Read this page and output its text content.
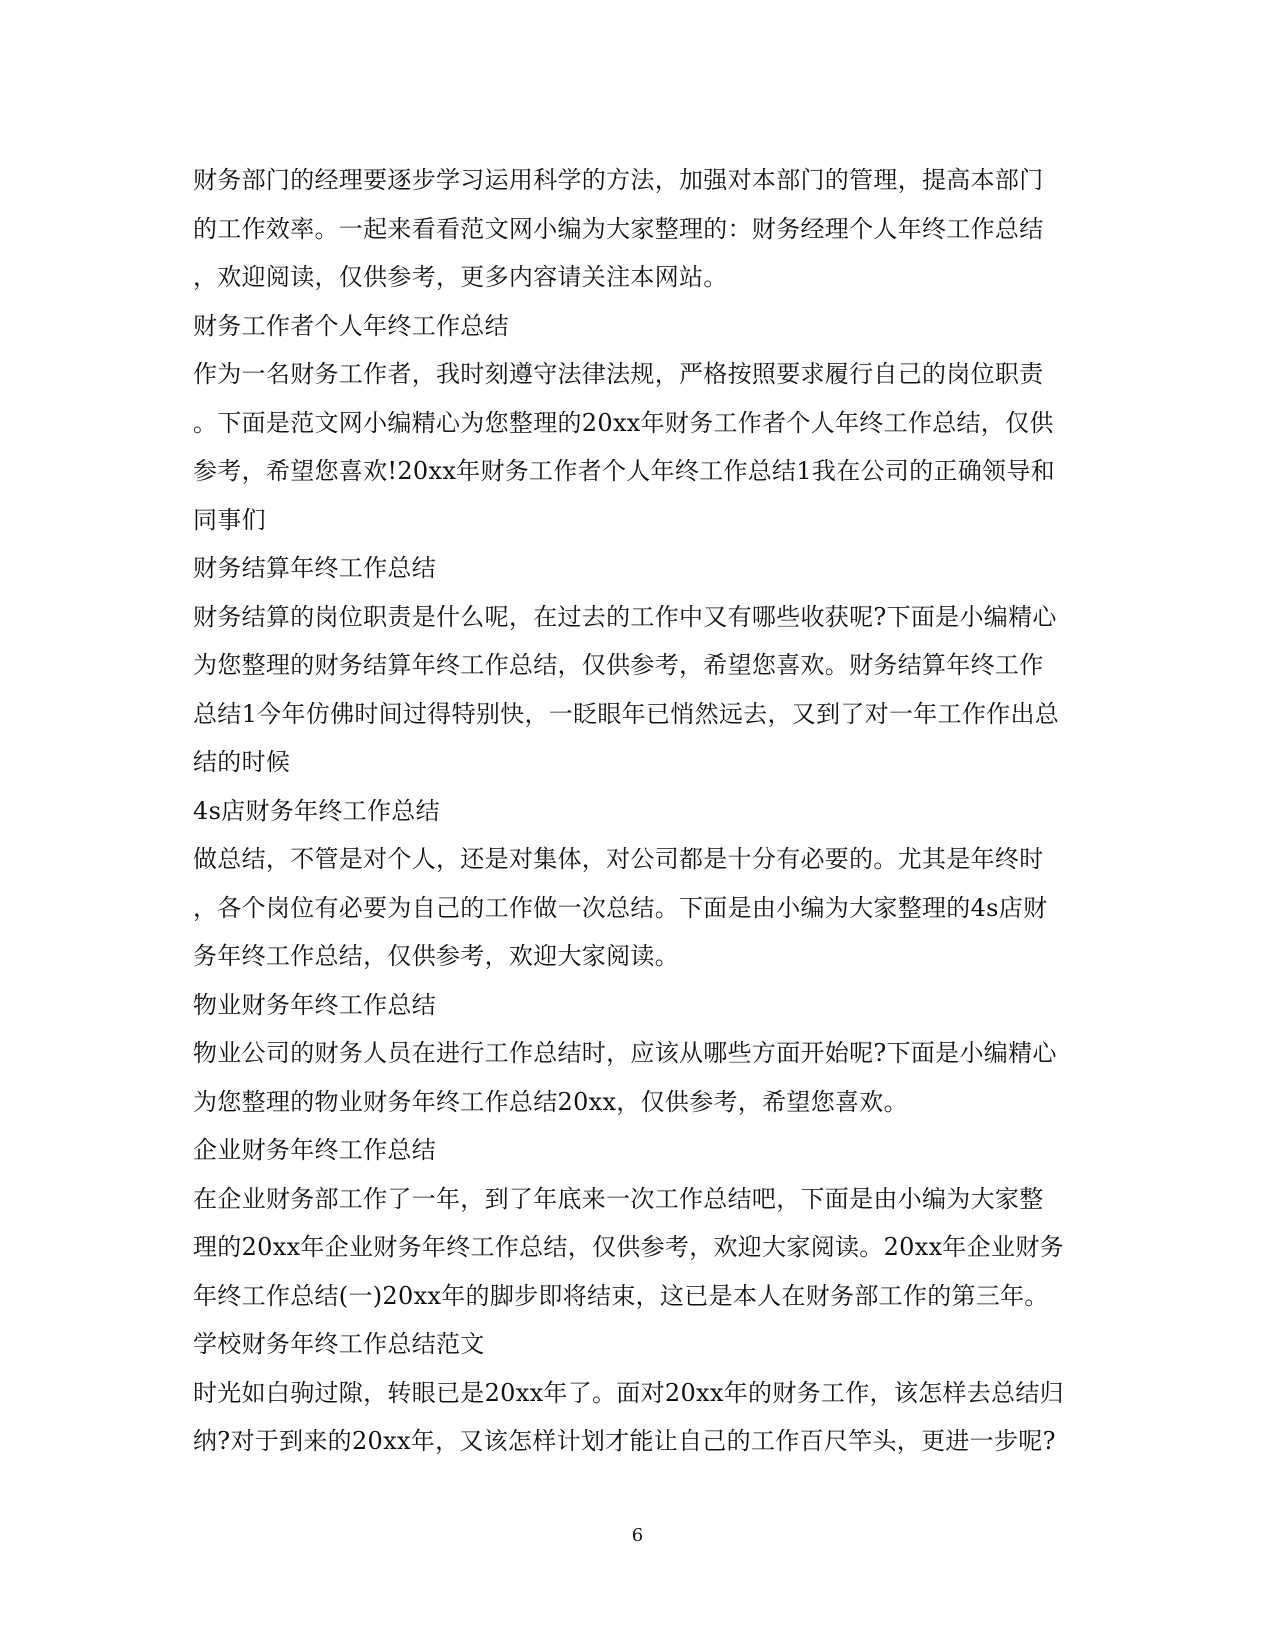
财务部门的经理要逐步学习运用科学的方法，加强对本部门的管理，提高本部门
的工作效率。一起来看看范文网小编为大家整理的：财务经理个人年终工作总结
，欢迎阅读，仅供参考，更多内容请关注本网站。
财务工作者个人年终工作总结
作为一名财务工作者，我时刻遵守法律法规，严格按照要求履行自己的岗位职责
。下面是范文网小编精心为您整理的20xx年财务工作者个人年终工作总结，仅供
参考，希望您喜欢!20xx年财务工作者个人年终工作总结1我在公司的正确领导和
同事们
财务结算年终工作总结
财务结算的岗位职责是什么呢，在过去的工作中又有哪些收获呢?下面是小编精心
为您整理的财务结算年终工作总结，仅供参考，希望您喜欢。财务结算年终工作
总结1今年仿佛时间过得特别快，一眨眼年已悄然远去，又到了对一年工作作出总
结的时候
4s店财务年终工作总结
做总结，不管是对个人，还是对集体，对公司都是十分有必要的。尤其是年终时
，各个岗位有必要为自己的工作做一次总结。下面是由小编为大家整理的4s店财
务年终工作总结，仅供参考，欢迎大家阅读。
物业财务年终工作总结
物业公司的财务人员在进行工作总结时，应该从哪些方面开始呢?下面是小编精心
为您整理的物业财务年终工作总结20xx，仅供参考，希望您喜欢。
企业财务年终工作总结
在企业财务部工作了一年，到了年底来一次工作总结吧，下面是由小编为大家整
理的20xx年企业财务年终工作总结，仅供参考，欢迎大家阅读。20xx年企业财务
年终工作总结(一)20xx年的脚步即将结束，这已是本人在财务部工作的第三年。
学校财务年终工作总结范文
时光如白驹过隙，转眼已是20xx年了。面对20xx年的财务工作，该怎样去总结归
纳?对于到来的20xx年，又该怎样计划才能让自己的工作百尺竿头，更进一步呢?
6
